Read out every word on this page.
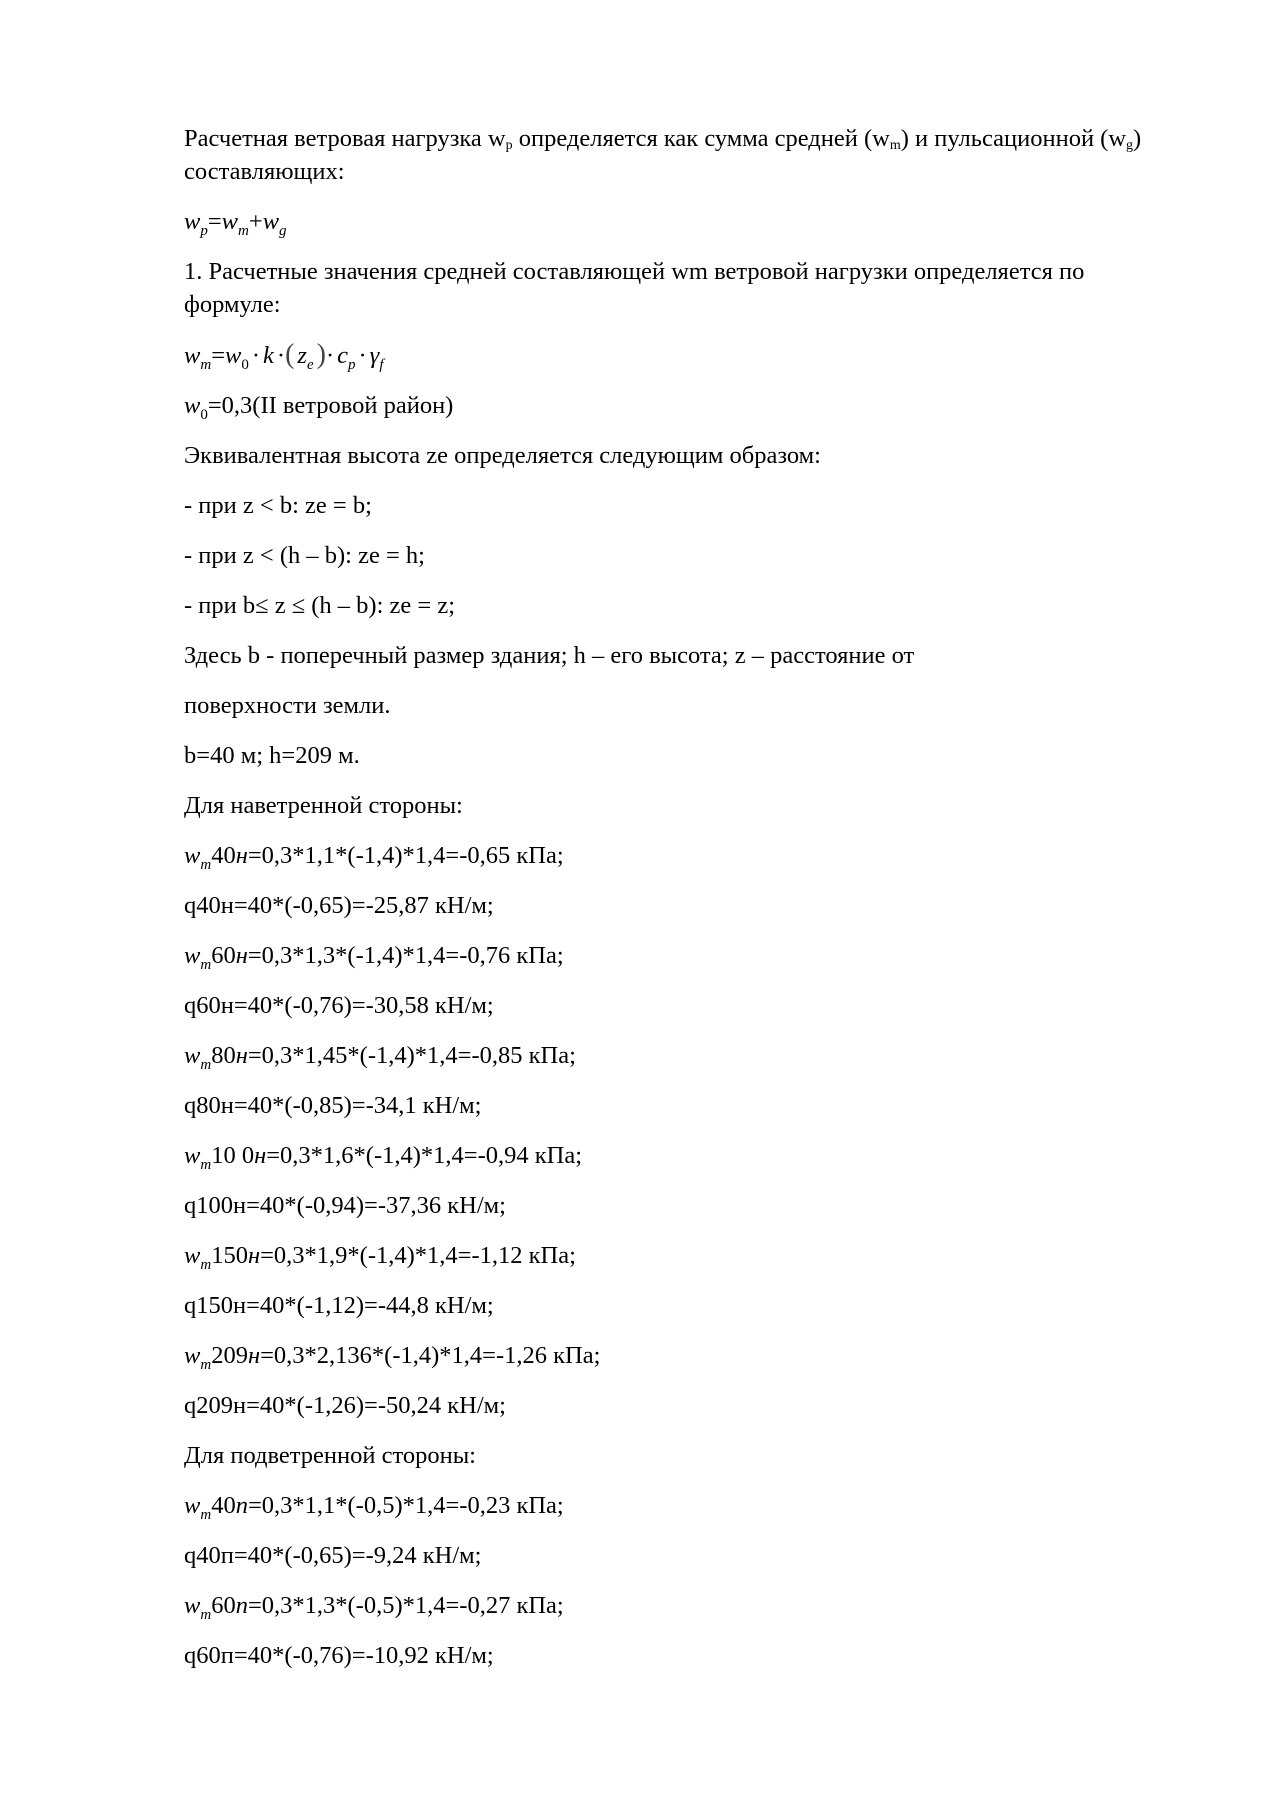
Расчетная ветровая нагрузка wp определяется как сумма средней (wm) и пульсационной (wg) составляющих:

$w_p=w_m+w_g$

1. Расчетные значения средней составляющей wm ветровой нагрузки определяется по формуле:

$w_m=w_0 \cdot k$ ·( $z_e$ )· $c_p \cdot \gamma_f$

$w_0=0,3(II$ ветровой район)

Эквивалентная высота ze определяется следующим образом:

- при z < b: ze = b;

- при z < (h – b): ze = h;

- при b≤ z ≤ (h – b): ze = z;

Здесь b - поперечный размер здания; h – его высота; z – расстояние от

поверхности земли.

b=40 м; h=209 м.

Для наветренной стороны:

$w_m40н=0,3*1,1*(-1,4)*1,4=-0,65$ кПа;

q40н=40*(-0,65)=-25,87 кН/м;

$w_m60н=0,3*1,3*(-1,4)*1,4=-0,76$ кПа;

q60н=40*(-0,76)=-30,58 кН/м;

$w_m80н=0,3*1,45*(-1,4)*1,4=-0,85$ кПа;

q80н=40*(-0,85)=-34,1 кН/м;

$w_m10$ 0н=0,3*1,6*(-1,4)*1,4=-0,94 кПа;

q100н=40*(-0,94)=-37,36 кН/м;

$w_m150н=0,3*1,9*(-1,4)*1,4=-1,12$ кПа;

q150н=40*(-1,12)=-44,8 кН/м;

$w_m209н=0,3*2,136*(-1,4)*1,4=-1,26$ кПа;

q209н=40*(-1,26)=-50,24 кН/м;

Для подветренной стороны:

$w_m40п=0,3*1,1*(-0,5)*1,4=-0,23$ кПа;

q40п=40*(-0,65)=-9,24 кН/м;

$w_m60п=0,3*1,3*(-0,5)*1,4=-0,27$ кПа;

q60п=40*(-0,76)=-10,92 кН/м;
